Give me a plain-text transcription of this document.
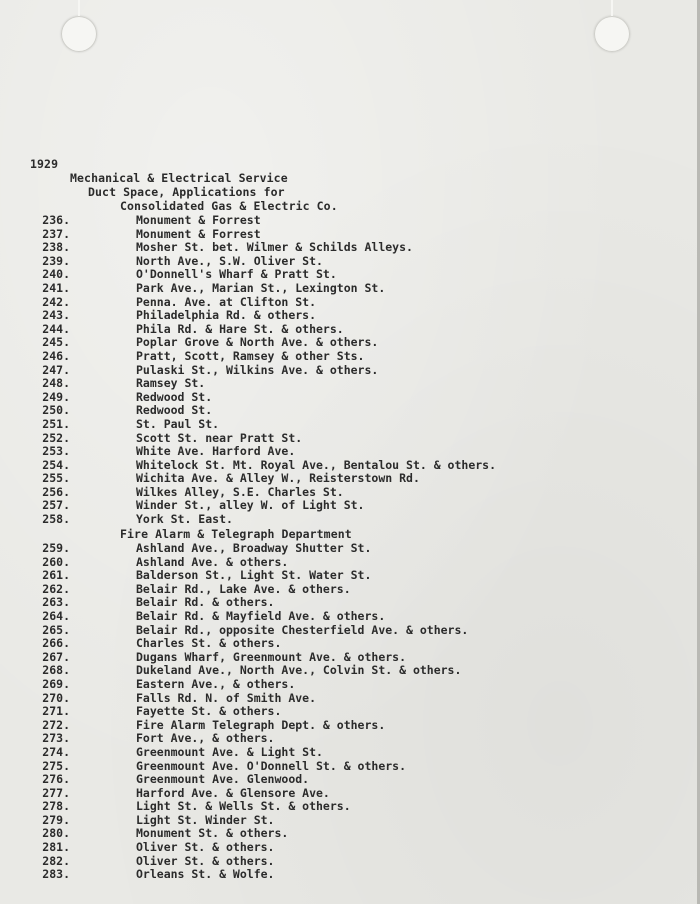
1929
Mechanical & Electrical Service
Duct Space, Applications for
Consolidated Gas & Electric Co.
236.	Monument & Forrest
237.	Monument & Forrest
238.	Mosher St. bet. Wilmer & Schilds Alleys.
239.	North Ave., S.W. Oliver St.
240.	O'Donnell's Wharf & Pratt St.
241.	Park Ave., Marian St., Lexington St.
242.	Penna. Ave. at Clifton St.
243.	Philadelphia Rd. & others.
244.	Phila Rd. & Hare St. & others.
245.	Poplar Grove & North Ave. & others.
246.	Pratt, Scott, Ramsey & other Sts.
247.	Pulaski St., Wilkins Ave. & others.
248.	Ramsey St.
249.	Redwood St.
250.	Redwood St.
251.	St. Paul St.
252.	Scott St. near Pratt St.
253.	White Ave. Harford Ave.
254.	Whitelock St. Mt. Royal Ave., Bentalou St. & others.
255.	Wichita Ave. & Alley W., Reisterstown Rd.
256.	Wilkes Alley, S.E. Charles St.
257.	Winder St., alley W. of Light St.
258.	York St. East.
Fire Alarm & Telegraph Department
259.	Ashland Ave., Broadway Shutter St.
260.	Ashland Ave. & others.
261.	Balderson St., Light St. Water St.
262.	Belair Rd., Lake Ave. & others.
263.	Belair Rd. & others.
264.	Belair Rd. & Mayfield Ave. & others.
265.	Belair Rd., opposite Chesterfield Ave. & others.
266.	Charles St. & others.
267.	Dugans Wharf, Greenmount Ave. & others.
268.	Dukeland Ave., North Ave., Colvin St. & others.
269.	Eastern Ave., & others.
270.	Falls Rd. N. of Smith Ave.
271.	Fayette St. & others.
272.	Fire Alarm Telegraph Dept. & others.
273.	Fort Ave., & others.
274.	Greenmount Ave. & Light St.
275.	Greenmount Ave. O'Donnell St. & others.
276.	Greenmount Ave. Glenwood.
277.	Harford Ave. & Glensore Ave.
278.	Light St. & Wells St. & others.
279.	Light St. Winder St.
280.	Monument St. & others.
281.	Oliver St. & others.
282.	Oliver St. & others.
283.	Orleans St. & Wolfe.
